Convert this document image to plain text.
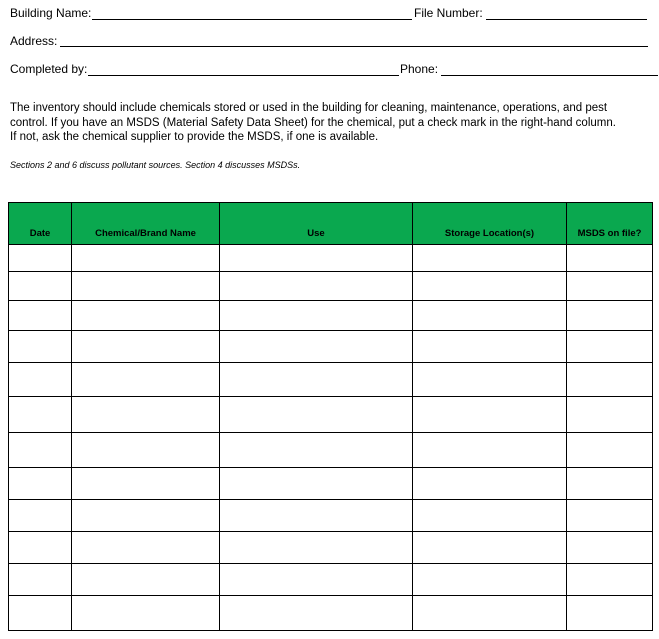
Building Name:	File Number:
Address:
Completed by:	Phone:

The inventory should include chemicals stored or used in the building for cleaning, maintenance, operations, and pest
control. If you have an MSDS (Material Safety Data Sheet) for the chemical, put a check mark in the right-hand column.
If not, ask the chemical supplier to provide the MSDS, if one is available.

Sections 2 and 6 discuss pollutant sources. Section 4 discusses MSDSs.
Date	Chemical/Brand Name	Use	Storage Location(s)	MSDS on file?
